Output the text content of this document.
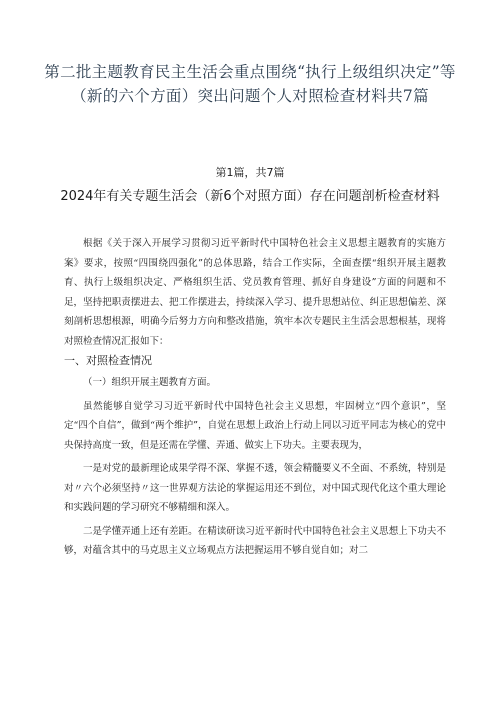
第二批主题教育民主生活会重点围绕“执行上级组织决定”等（新的六个方面）突出问题个人对照检查材料共7篇
第1篇，共7篇
2024年有关专题生活会（新6个对照方面）存在问题剖析检查材料

根据《关于深入开展学习贯彻习近平新时代中国特色社会主义思想主题教育的实施方案》要求，按照“四围绕四强化”的总体思路，结合工作实际，全面查摆“组织开展主题教育、执行上级组织决定、严格组织生活、党员教育管理、抓好自身建设”方面的问题和不足，坚持把职责摆进去、把工作摆进去，持续深入学习、提升思想站位、纠正思想偏差、深刻剖析思想根源，明确今后努力方向和整改措施，筑牢本次专题民主生活会思想根基，现将对照检查情况汇报如下：

一、对照检查情况

（一）组织开展主题教育方面。

虽然能够自觉学习习近平新时代中国特色社会主义思想，牢固树立“四个意识”，坚定“四个自信”，做到“两个维护”，自觉在思想上政治上行动上同以习近平同志为核心的党中央保持高度一致，但是还需在学懂、弄通、做实上下功夫。主要表现为，

一是对党的最新理论成果学得不深、掌握不透，领会精髓要义不全面、不系统，特别是对〃六个必须坚持〃这一世界观方法论的掌握运用还不到位，对中国式现代化这个重大理论和实践问题的学习研究不够精细和深入。

二是学懂弄通上还有差距。在精读研读习近平新时代中国特色社会主义思想上下功夫不够，对蕴含其中的马克思主义立场观点方法把握运用不够自觉自如；对二
